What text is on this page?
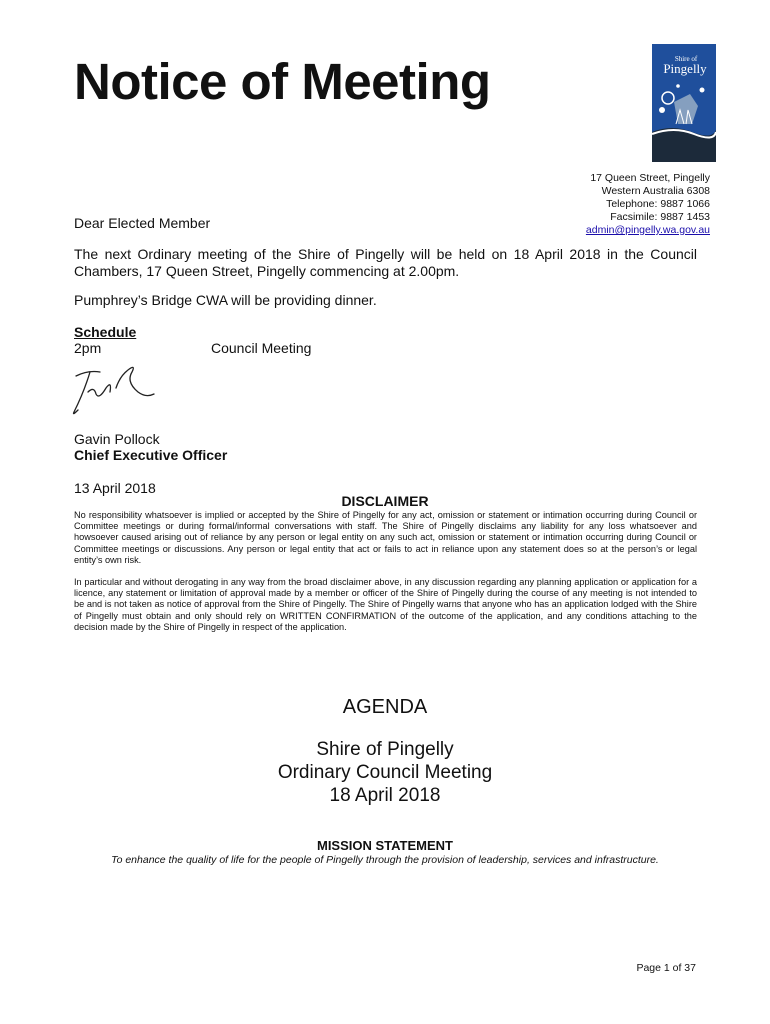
Notice of Meeting	Shire of
Pingelly
17 Queen Street, Pingelly
Western Australia 6308
Telephone: 9887 1066
Facsimile: 9887 1453
admin@pingelly.wa.gov.au
Dear Elected Member

The next Ordinary meeting of the Shire of Pingelly will be held on 18 April 2018 in the Council Chambers, 17 Queen Street, Pingelly commencing at 2.00pm.

Pumphrey’s Bridge CWA will be providing dinner.

Schedule
2pm	Council Meeting
Gavin Pollock
Chief Executive Officer
13 April 2018
DISCLAIMER

No responsibility whatsoever is implied or accepted by the Shire of Pingelly for any act, omission or statement or intimation occurring during Council or Committee meetings or during formal/informal conversations with staff. The Shire of Pingelly disclaims any liability for any loss whatsoever and howsoever caused arising out of reliance by any person or legal entity on any such act, omission or statement or intimation occurring during Council or Committee meetings or discussions. Any person or legal entity that act or fails to act in reliance upon any statement does so at the person’s or legal entity’s own risk.

In particular and without derogating in any way from the broad disclaimer above, in any discussion regarding any planning application or application for a licence, any statement or limitation of approval made by a member or officer of the Shire of Pingelly during the course of any meeting is not intended to be and is not taken as notice of approval from the Shire of Pingelly. The Shire of Pingelly warns that anyone who has an application lodged with the Shire of Pingelly must obtain and only should rely on WRITTEN CONFIRMATION of the outcome of the application, and any conditions attaching to the decision made by the Shire of Pingelly in respect of the application.

AGENDA
Shire of Pingelly
Ordinary Council Meeting
18 April 2018
MISSION STATEMENT
To enhance the quality of life for the people of Pingelly through the provision of leadership, services and infrastructure.
Page 1 of 37
